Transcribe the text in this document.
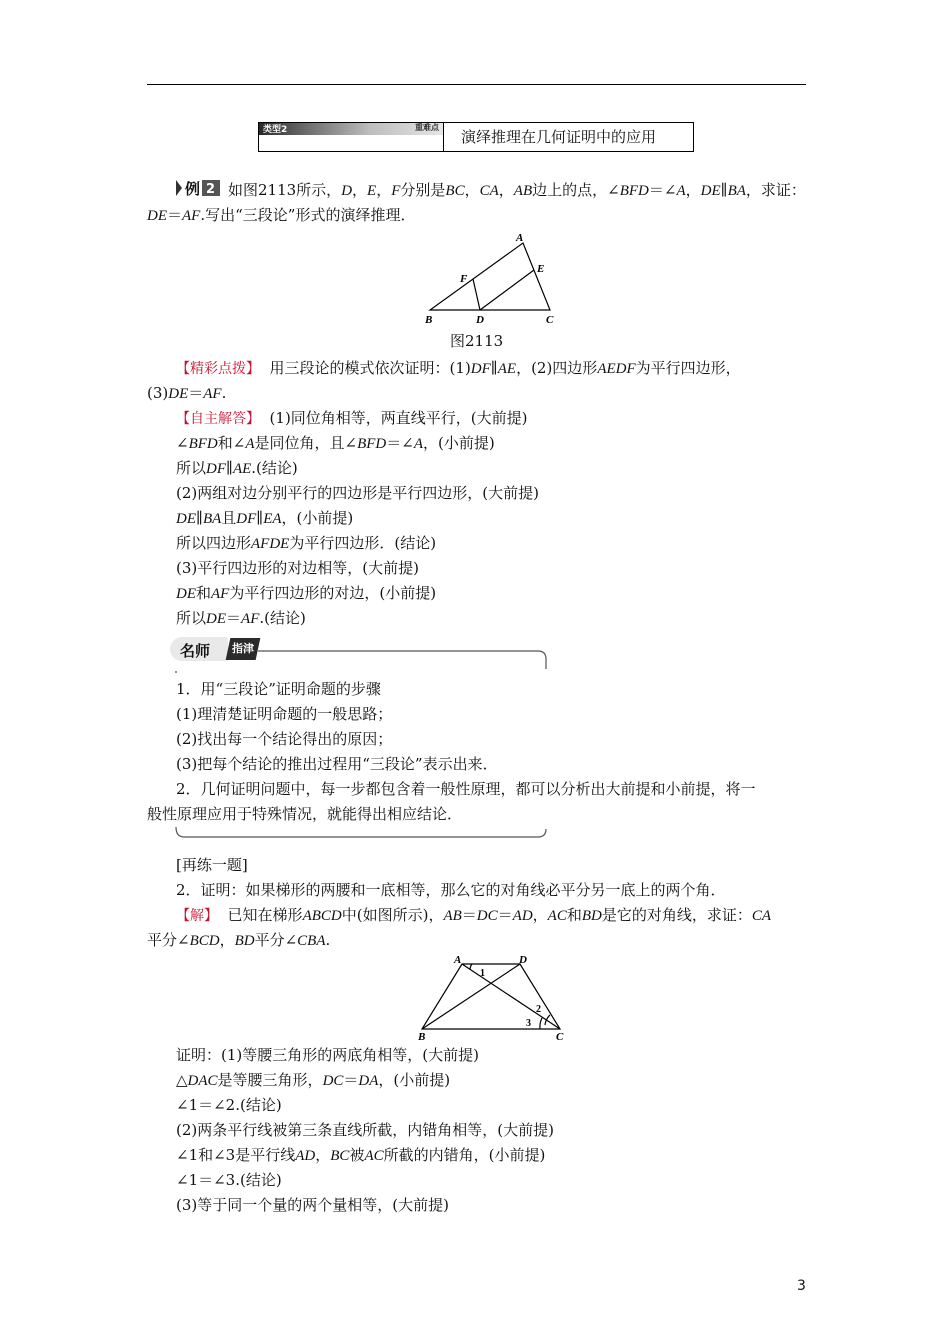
类型2	重难点
演绎推理在几何证明中的应用
例 2 如图2113所示，D，E，F分别是BC，CA，AB边上的点，∠BFD＝∠A，DE∥BA，求证：
DE＝AF.写出“三段论”形式的演绎推理．
A
B	C
D
E
F
图2113
【精彩点拨】 用三段论的模式依次证明：(1)DF∥AE，(2)四边形AEDF为平行四边形，
(3)DE＝AF.
【自主解答】 (1)同位角相等，两直线平行，(大前提)
∠BFD和∠A是同位角，且∠BFD＝∠A，(小前提)
所以DF∥AE.(结论)
(2)两组对边分别平行的四边形是平行四边形，(大前提)
DE∥BA且DF∥EA，(小前提)
所以四边形AFDE为平行四边形．(结论)
(3)平行四边形的对边相等，(大前提)
DE和AF为平行四边形的对边，(小前提)
所以DE＝AF.(结论)
名师	指津
1．用“三段论”证明命题的步骤
(1)理清楚证明命题的一般思路；
(2)找出每一个结论得出的原因；
(3)把每个结论的推出过程用“三段论”表示出来．
2．几何证明问题中，每一步都包含着一般性原理，都可以分析出大前提和小前提，将一
般性原理应用于特殊情况，就能得出相应结论．
[再练一题]
2．证明：如果梯形的两腰和一底相等，那么它的对角线必平分另一底上的两个角．
【解】 已知在梯形ABCD中(如图所示)，AB＝DC＝AD，AC和BD是它的对角线，求证：CA
平分∠BCD，BD平分∠CBA.
A	D
B	C
1
2
3
证明：(1)等腰三角形的两底角相等，(大前提)
△DAC是等腰三角形，DC＝DA，(小前提)
∠1＝∠2.(结论)
(2)两条平行线被第三条直线所截，内错角相等，(大前提)
∠1和∠3是平行线AD，BC被AC所截的内错角，(小前提)
∠1＝∠3.(结论)
(3)等于同一个量的两个量相等，(大前提)
3
